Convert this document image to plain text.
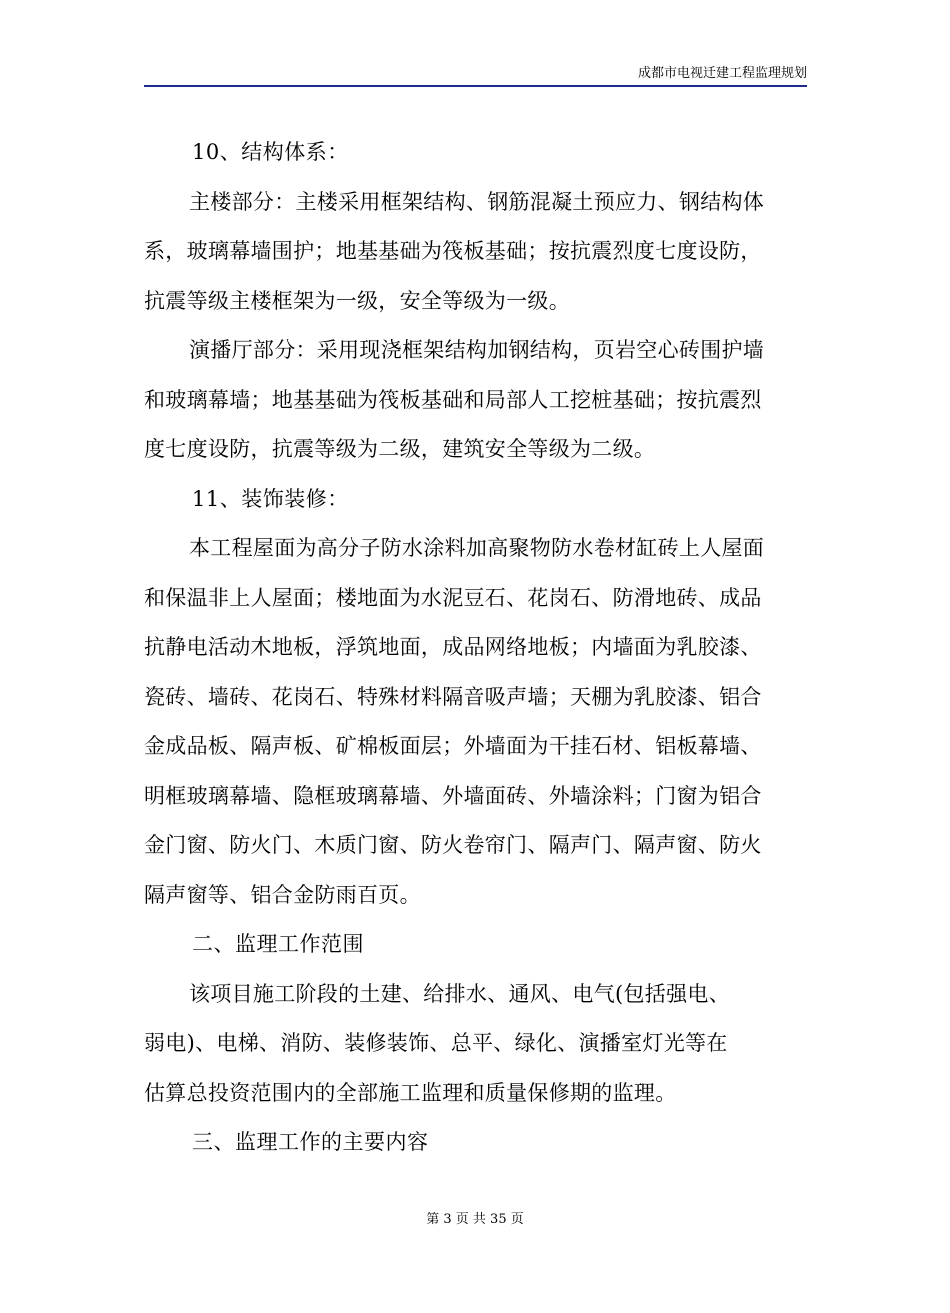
成都市电视迁建工程监理规划

10、结构体系：

主楼部分：主楼采用框架结构、钢筋混凝土预应力、钢结构体
系，玻璃幕墙围护；地基基础为筏板基础；按抗震烈度七度设防，
抗震等级主楼框架为一级，安全等级为一级。

演播厅部分：采用现浇框架结构加钢结构，页岩空心砖围护墙
和玻璃幕墙；地基基础为筏板基础和局部人工挖桩基础；按抗震烈
度七度设防，抗震等级为二级，建筑安全等级为二级。

11、装饰装修：

本工程屋面为高分子防水涂料加高聚物防水卷材缸砖上人屋面
和保温非上人屋面；楼地面为水泥豆石、花岗石、防滑地砖、成品
抗静电活动木地板，浮筑地面，成品网络地板；内墙面为乳胶漆、
瓷砖、墙砖、花岗石、特殊材料隔音吸声墙；天棚为乳胶漆、铝合
金成品板、隔声板、矿棉板面层；外墙面为干挂石材、铝板幕墙、
明框玻璃幕墙、隐框玻璃幕墙、外墙面砖、外墙涂料；门窗为铝合
金门窗、防火门、木质门窗、防火卷帘门、隔声门、隔声窗、防火
隔声窗等、铝合金防雨百页。

二、监理工作范围

该项目施工阶段的土建、给排水、通风、电气(包括强电、
弱电)、电梯、消防、装修装饰、总平、绿化、演播室灯光等在
估算总投资范围内的全部施工监理和质量保修期的监理。

三、监理工作的主要内容

第 3 页 共 35 页
